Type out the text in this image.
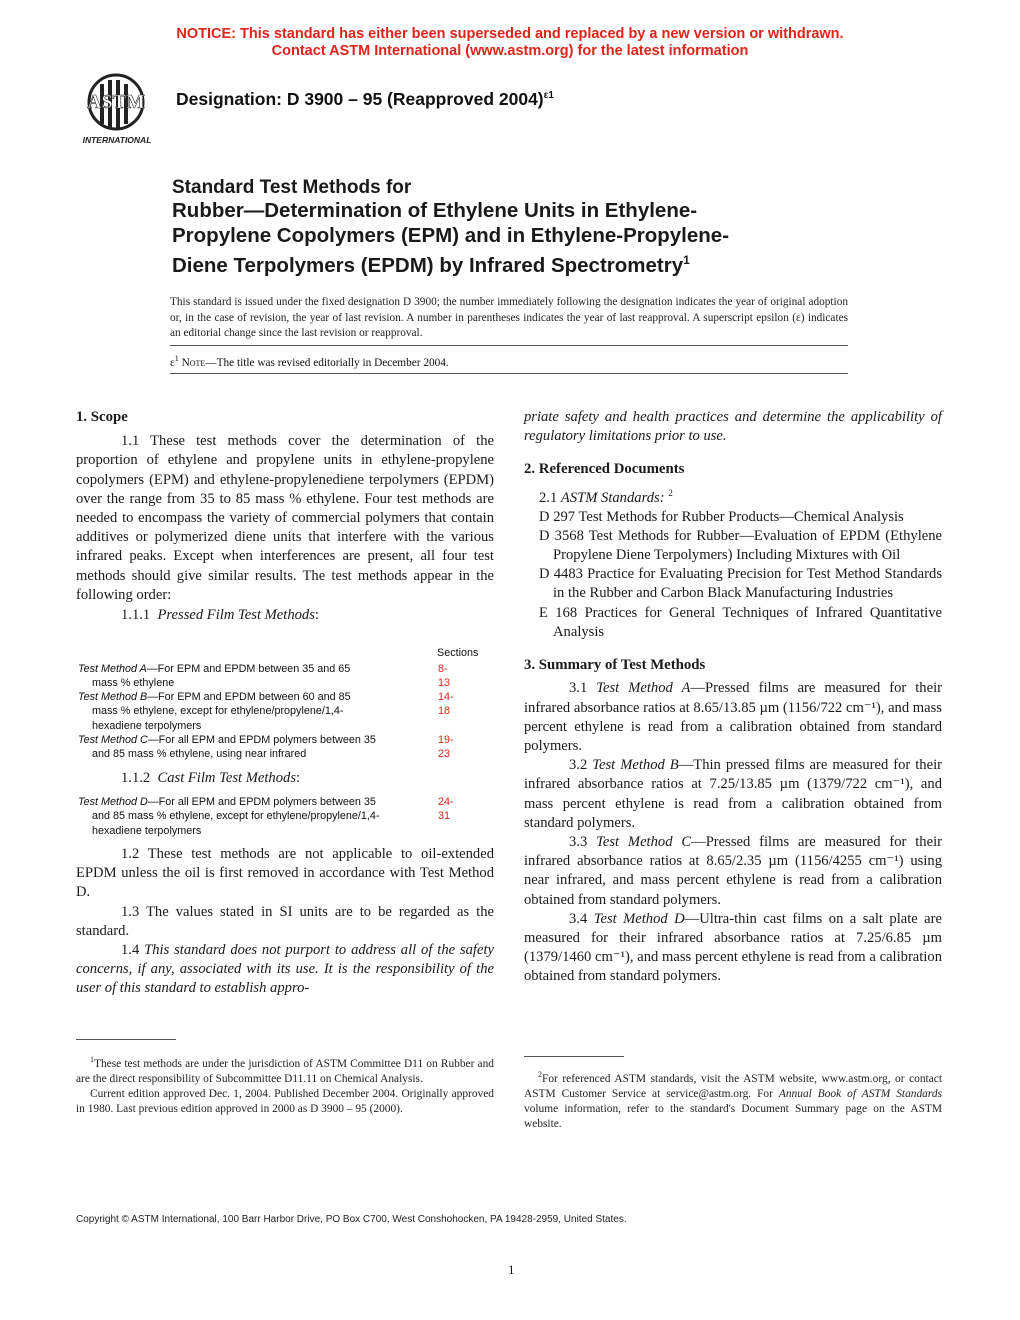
NOTICE: This standard has either been superseded and replaced by a new version or withdrawn.
Contact ASTM International (www.astm.org) for the latest information
ASTM
INTERNATIONAL
Designation: D 3900 – 95 (Reapproved 2004)$^{\varepsilon 1}$
Standard Test Methods for
Rubber—Determination of Ethylene Units in Ethylene-
Propylene Copolymers (EPM) and in Ethylene-Propylene-
Diene Terpolymers (EPDM) by Infrared Spectrometry$^1$
This standard is issued under the fixed designation D 3900; the number immediately following the designation indicates the year of original adoption or, in the case of revision, the year of last revision. A number in parentheses indicates the year of last reapproval. A superscript epsilon (ε) indicates an editorial change since the last revision or reapproval.
$\varepsilon^1$ Note—The title was revised editorially in December 2004.

1. Scope

1.1 These test methods cover the determination of the proportion of ethylene and propylene units in ethylene-propylene copolymers (EPM) and ethylene-propylenediene terpolymers (EPDM) over the range from 35 to 85 mass % ethylene. Four test methods are needed to encompass the variety of commercial polymers that contain additives or polymerized diene units that interfere with the various infrared peaks. Except when interferences are present, all four test methods should give similar results. The test methods appear in the following order:

1.1.1 Pressed Film Test Methods:

Sections
Test Method A—For EPM and EPDM between 35 and 65
mass % ethylene
8-13
Test Method B—For EPM and EPDM between 60 and 85
mass % ethylene, except for ethylene/propylene/1,4-
hexadiene terpolymers
14-18
Test Method C—For all EPM and EPDM polymers between 35
and 85 mass % ethylene, using near infrared
19-23

1.1.2 Cast Film Test Methods:

Test Method D—For all EPM and EPDM polymers between 35
and 85 mass % ethylene, except for ethylene/propylene/1,4-
hexadiene terpolymers
24-31

1.2 These test methods are not applicable to oil-extended EPDM unless the oil is first removed in accordance with Test Method D.

1.3 The values stated in SI units are to be regarded as the standard.

1.4 This standard does not purport to address all of the safety concerns, if any, associated with its use. It is the responsibility of the user of this standard to establish appro-

$^1$These test methods are under the jurisdiction of ASTM Committee D11 on Rubber and are the direct responsibility of Subcommittee D11.11 on Chemical Analysis.

Current edition approved Dec. 1, 2004. Published December 2004. Originally approved in 1980. Last previous edition approved in 2000 as D 3900 – 95 (2000).

priate safety and health practices and determine the applicability of regulatory limitations prior to use.

2. Referenced Documents

2.1 ASTM Standards: $^2$

D 297 Test Methods for Rubber Products—Chemical Analysis

D 3568 Test Methods for Rubber—Evaluation of EPDM (Ethylene Propylene Diene Terpolymers) Including Mixtures with Oil

D 4483 Practice for Evaluating Precision for Test Method Standards in the Rubber and Carbon Black Manufacturing Industries

E 168 Practices for General Techniques of Infrared Quantitative Analysis

3. Summary of Test Methods

3.1 Test Method A—Pressed films are measured for their infrared absorbance ratios at 8.65/13.85 µm (1156/722 cm⁻¹), and mass percent ethylene is read from a calibration obtained from standard polymers.

3.2 Test Method B—Thin pressed films are measured for their infrared absorbance ratios at 7.25/13.85 µm (1379/722 cm⁻¹), and mass percent ethylene is read from a calibration obtained from standard polymers.

3.3 Test Method C—Pressed films are measured for their infrared absorbance ratios at 8.65/2.35 µm (1156/4255 cm⁻¹) using near infrared, and mass percent ethylene is read from a calibration obtained from standard polymers.

3.4 Test Method D—Ultra-thin cast films on a salt plate are measured for their infrared absorbance ratios at 7.25/6.85 µm (1379/1460 cm⁻¹), and mass percent ethylene is read from a calibration obtained from standard polymers.

$^2$For referenced ASTM standards, visit the ASTM website, www.astm.org, or contact ASTM Customer Service at service@astm.org. For Annual Book of ASTM Standards volume information, refer to the standard's Document Summary page on the ASTM website.

Copyright © ASTM International, 100 Barr Harbor Drive, PO Box C700, West Conshohocken, PA 19428-2959, United States.
1
